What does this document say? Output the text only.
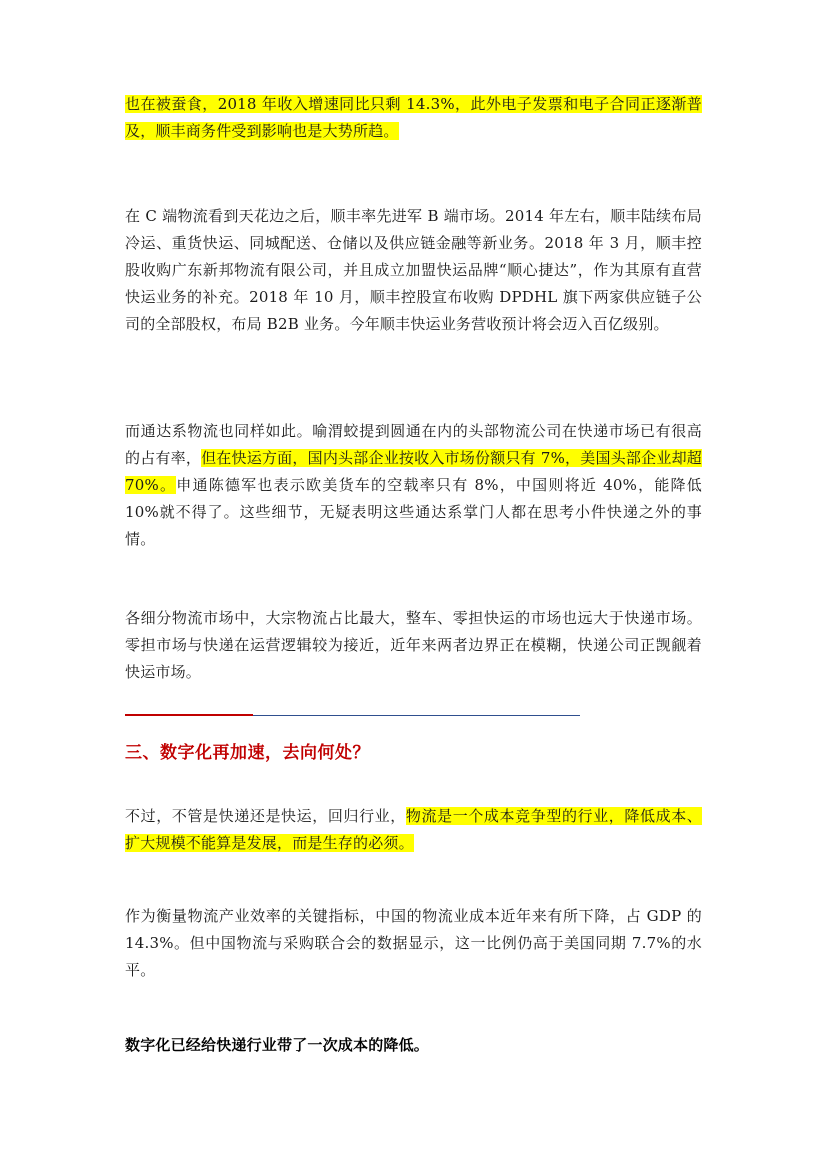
也在被蚕食，2018 年收入增速同比只剩 14.3%，此外电子发票和电子合同正逐渐普及，顺丰商务件受到影响也是大势所趋。

在 C 端物流看到天花边之后，顺丰率先进军 B 端市场。2014 年左右，顺丰陆续布局冷运、重货快运、同城配送、仓储以及供应链金融等新业务。2018 年 3 月，顺丰控股收购广东新邦物流有限公司，并且成立加盟快运品牌“顺心捷达”，作为其原有直营快运业务的补充。2018 年 10 月，顺丰控股宣布收购 DPDHL 旗下两家供应链子公司的全部股权，布局 B2B 业务。今年顺丰快运业务营收预计将会迈入百亿级别。

而通达系物流也同样如此。喻渭蛟提到圆通在内的头部物流公司在快递市场已有很高的占有率，但在快运方面，国内头部企业按收入市场份额只有 7%，美国头部企业却超 70%。申通陈德军也表示欧美货车的空载率只有 8%，中国则将近 40%，能降低 10%就不得了。这些细节，无疑表明这些通达系掌门人都在思考小件快递之外的事情。

各细分物流市场中，大宗物流占比最大，整车、零担快运的市场也远大于快递市场。零担市场与快递在运营逻辑较为接近，近年来两者边界正在模糊，快递公司正觊觎着快运市场。

三、数字化再加速，去向何处？

不过，不管是快递还是快运，回归行业，物流是一个成本竞争型的行业，降低成本、扩大规模不能算是发展，而是生存的必须。

作为衡量物流产业效率的关键指标，中国的物流业成本近年来有所下降，占 GDP 的 14.3%。但中国物流与采购联合会的数据显示，这一比例仍高于美国同期 7.7%的水平。

数字化已经给快递行业带了一次成本的降低。
